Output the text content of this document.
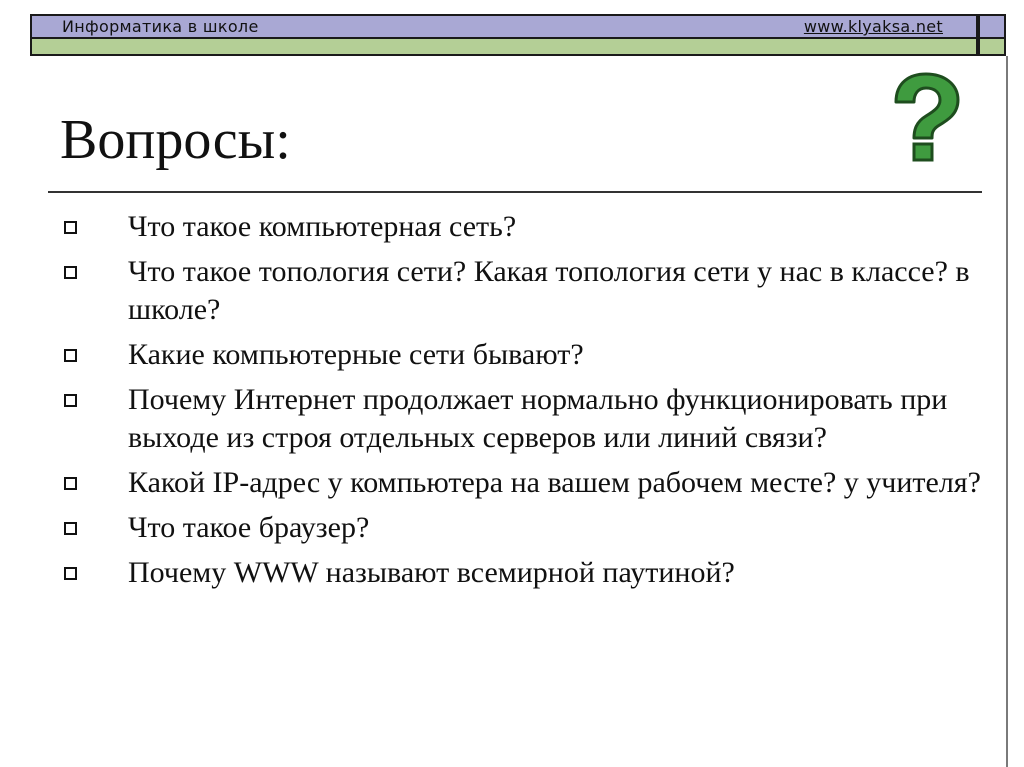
Информатика в школе	www.klyaksa.net
Вопросы:
Что такое компьютерная сеть?
Что такое топология сети? Какая топология сети у нас в классе? в школе?
Какие компьютерные сети бывают?
Почему Интернет продолжает нормально функционировать при выходе из строя отдельных серверов или линий связи?
Какой IP-адрес у компьютера на вашем рабочем месте? у учителя?
Что такое браузер?
Почему WWW называют всемирной паутиной?
